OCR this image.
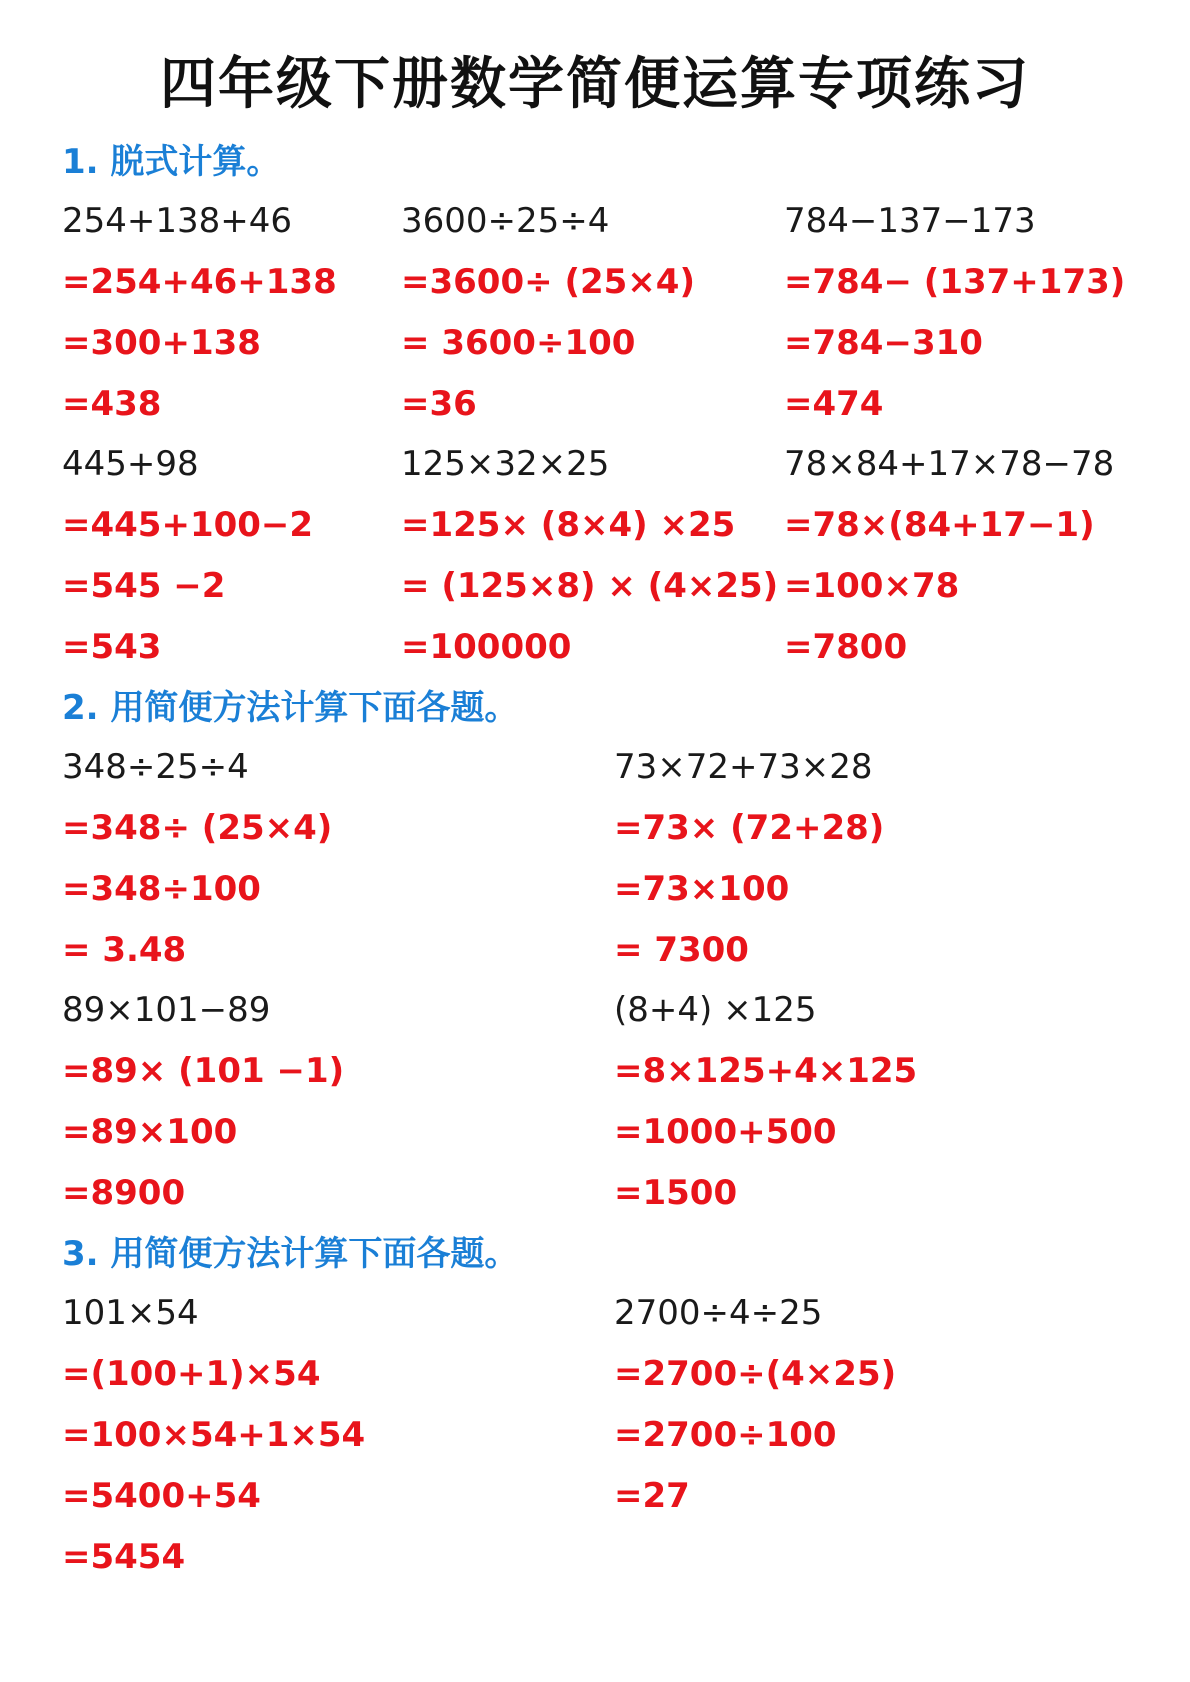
四年级下册数学简便运算专项练习
1. 脱式计算。
254+138+46
=254+46+138
=300+138
=438
3600÷25÷4
=3600÷ (25×4)
= 3600÷100
=36
784−137−173
=784− (137+173)
=784−310
=474
445+98
=445+100−2
=545 −2
=543
125×32×25
=125× (8×4) ×25
= (125×8) × (4×25)
=100000
78×84+17×78−78
=78×(84+17−1)
=100×78
=7800
2. 用简便方法计算下面各题。
348÷25÷4
=348÷ (25×4)
=348÷100
= 3.48
73×72+73×28
=73× (72+28)
=73×100
= 7300
89×101−89
=89× (101 −1)
=89×100
=8900
(8+4) ×125
=8×125+4×125
=1000+500
=1500
3. 用简便方法计算下面各题。
101×54
=(100+1)×54
=100×54+1×54
=5400+54
=5454
2700÷4÷25
=2700÷(4×25)
=2700÷100
=27
